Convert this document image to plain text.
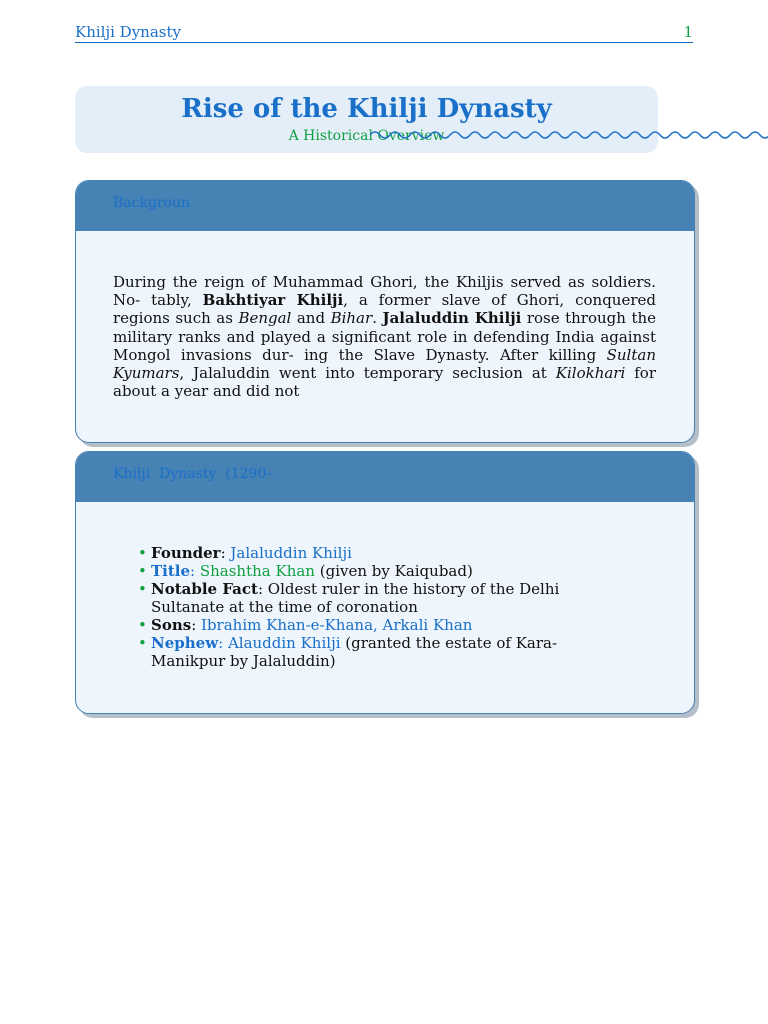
Khilji Dynasty	1
Rise of the Khilji Dynasty
A Historical Overview
Backgroun
During the reign of Muhammad Ghori, the Khiljis served as soldiers. No- tably, Bakhtiyar Khilji, a former slave of Ghori, conquered regions such as Bengal and Bihar. Jalaluddin Khilji rose through the military ranks and played a significant role in defending India against Mongol invasions dur- ing the Slave Dynasty. After killing Sultan Kyumars, Jalaluddin went into temporary seclusion at Kilokhari for about a year and did not
Khilji  Dynasty  (1290–
• Founder: Jalaluddin Khilji
• Title: Shashtha Khan (given by Kaiqubad)
• Notable Fact: Oldest ruler in the history of the Delhi Sultanate at the time of coronation
• Sons: Ibrahim Khan-e-Khana, Arkali Khan
• Nephew: Alauddin Khilji (granted the estate of Kara-Manikpur by Jalaluddin)
